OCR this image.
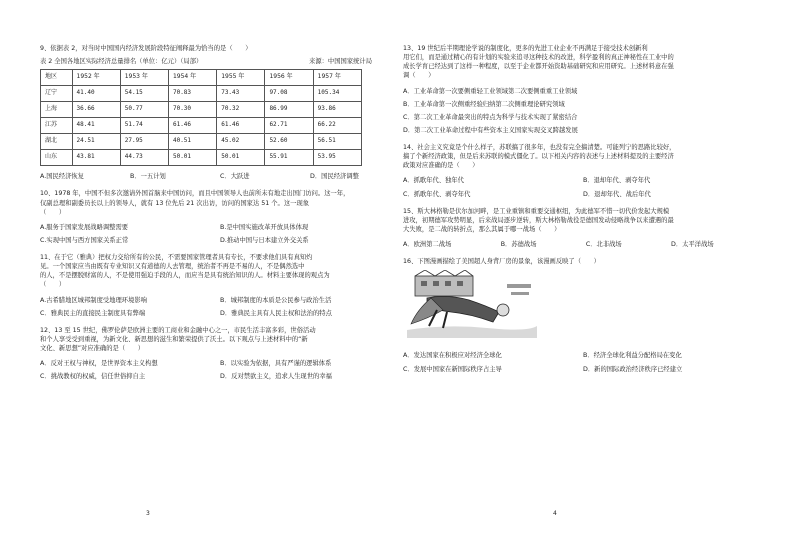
9、依据表 2，对当时中国国内经济发展阶段特征阐释最为恰当的是（　　）

表 2 全国各地区实际经济总量排名（单位：亿元）（局部）	来源：中国国家统计局
地区	1952 年	1953 年	1954 年	1955 年	1956 年	1957 年
辽宁	41.40	54.15	70.83	73.43	97.08	105.34
上海	36.66	50.77	70.30	70.32	86.99	93.86
江苏	48.41	51.74	61.46	61.46	62.71	66.22
湖北	24.51	27.95	40.51	45.02	52.60	56.51
山东	43.81	44.73	50.01	50.01	55.91	53.95
A.国民经济恢复	B．一五计划	C．大跃进	D．国民经济调整

10、1978 年，中国不但多次邀请外国首脑来中国访问，而且中国领导人也前所未有地走出国门访问。这一年，

仅副总理和副委员长以上的领导人，就有 13 位先后 21 次出访，访问的国家达 51 个。这一现象

（　　）

A.服务于国家发展战略调整需要	B.是中国实施改革开放具体体现
C.实现中国与西方国家关系正常	D.推动中国与日本建立外交关系

11、在于它（雅典）把权力交给所有的公民，不需要国家管理者具有专长，不要求他们具有真知灼

见。一个国家应当由既有专业知识又有道德的人去管理，统治者不再是不易的人，不是偶然选中

的人，不是摆脱财富的人，不是使用强迫手段的人，而应当是具有统治知识的人。材料主要体现的观点为

（　　）

A.古希腊地区城邦制度受地理环境影响	B．城邦制度的本质是公民参与政治生活
C．雅典民主的直接民主制度具有弊端	D．雅典民主具有人民主权和法治的特点

12、13 至 15 世纪，佛罗伦萨是欧洲主要的工商业和金融中心之一，市民生活丰富多彩，世俗活动

和个人享受受到重视，为新文化、新思想的滋生和繁荣提供了沃土。以下观点与上述材料中的“新

文化、新思想”对应准确的是（　　）

A．反对王权与神权，是世界资本主义构想	B．以实验为依据，具有严谨的逻辑体系
C．挑战教权的权威，信任世俗抑自主	D．反对禁欲主义，追求人生现世的幸福

13、19 世纪后半期理论学说的制度化，更多的先进工业企业不再满足于接受技术创新利

用它们，而是通过精心的有计划的实验来追寻这种技术的改进，科学盈利的真正神秘性在工业中的

成长学育已经达到了这样一种程度，以至于企业都开始资助基础研究和应用研究。上述材料意在强

调（　　）

A．工业革命第一次要侧重轻工业领域第二次要侧重重工业领域
B．工业革命第一次侧重经验归纳第二次侧重理论研究领域
C．第二次工业革命最突出的特点为科学与技术实现了紧密结合
D．第二次工业革命过程中有些资本主义国家实现交叉跨越发展

14、社会主义究竟是个什么样子，苏联搞了很多年，也没有完全搞清楚。可能列宁的思路比较好，

搞了个新经济政策，但是后来苏联的模式僵化了。以下相关内容的表述与上述材料提及的主要经济

政策对应准确的是（　　）

A．抓歌年代、独年代	B．退却年代、剥夺年代
C．抓歌年代、剥夺年代	D．退却年代、战后年代

15、斯大林格勒是伏尔加河畔，是工业重镇和重要交通枢纽，为此德军不惜一切代价发起大规模

进攻，初期德军攻势明显，后来战局逐步逆转，斯大林格勒战役是德国发动侵略战争以来遭遇的最

大失败，是二战的转折点，那么其属于哪一战场（　　）

A．欧洲第二战场	B．苏德战场	C．北非战场	D．太平洋战场

16、下图漫画描绘了美国超人身背厂房的景象，该漫画反映了（　　）

A．发达国家在积极应对经济全球化	B．经济全球化利益分配格局在变化
C．发展中国家在新国际秩序占主导	D．新的国际政治经济秩序已经建立
3	4
